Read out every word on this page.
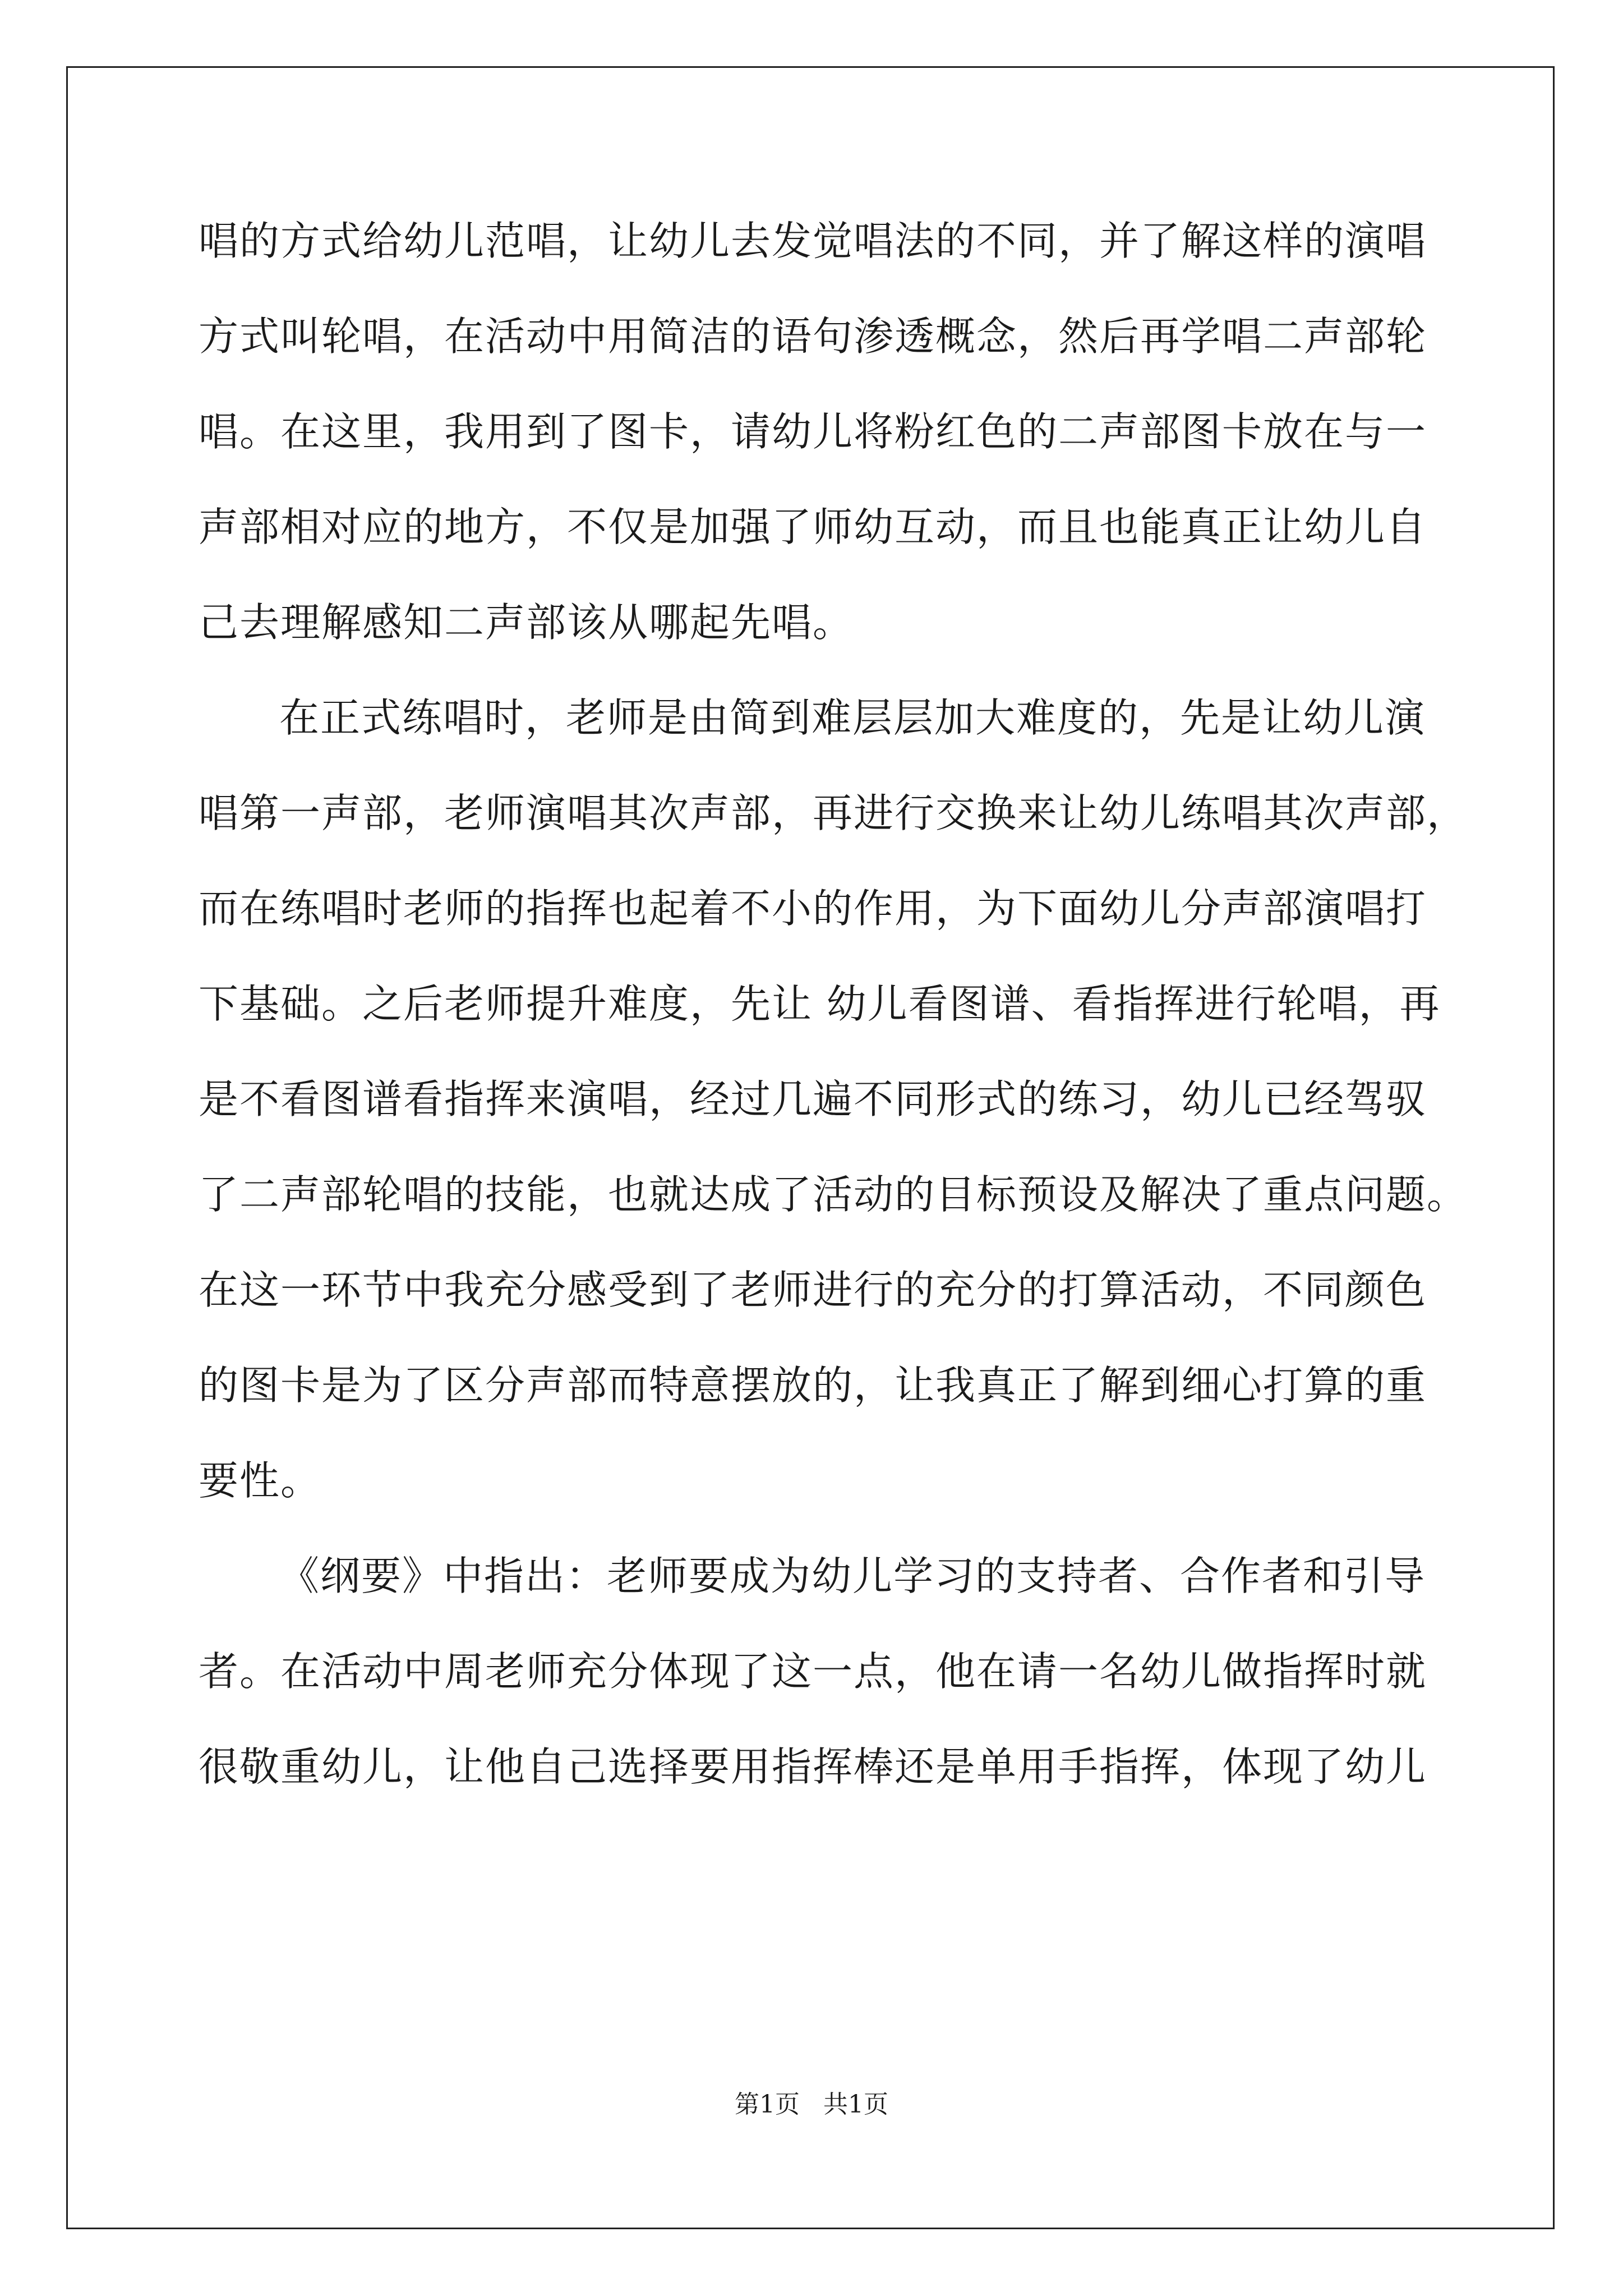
唱的方式给幼儿范唱，让幼儿去发觉唱法的不同，并了解这样的演唱
方式叫轮唱，在活动中用简洁的语句渗透概念，然后再学唱二声部轮
唱。在这里，我用到了图卡，请幼儿将粉红色的二声部图卡放在与一
声部相对应的地方，不仅是加强了师幼互动，而且也能真正让幼儿自
己去理解感知二声部该从哪起先唱。
在正式练唱时，老师是由简到难层层加大难度的，先是让幼儿演
唱第一声部，老师演唱其次声部，再进行交换来让幼儿练唱其次声部，
而在练唱时老师的指挥也起着不小的作用，为下面幼儿分声部演唱打
下基础。之后老师提升难度，先让 幼儿看图谱、看指挥进行轮唱，再
是不看图谱看指挥来演唱，经过几遍不同形式的练习，幼儿已经驾驭
了二声部轮唱的技能，也就达成了活动的目标预设及解决了重点问题。
在这一环节中我充分感受到了老师进行的充分的打算活动，不同颜色
的图卡是为了区分声部而特意摆放的，让我真正了解到细心打算的重
要性。
《纲要》中指出：老师要成为幼儿学习的支持者、合作者和引导
者。在活动中周老师充分体现了这一点，他在请一名幼儿做指挥时就
很敬重幼儿，让他自己选择要用指挥棒还是单用手指挥，体现了幼儿
第1页   共1页
